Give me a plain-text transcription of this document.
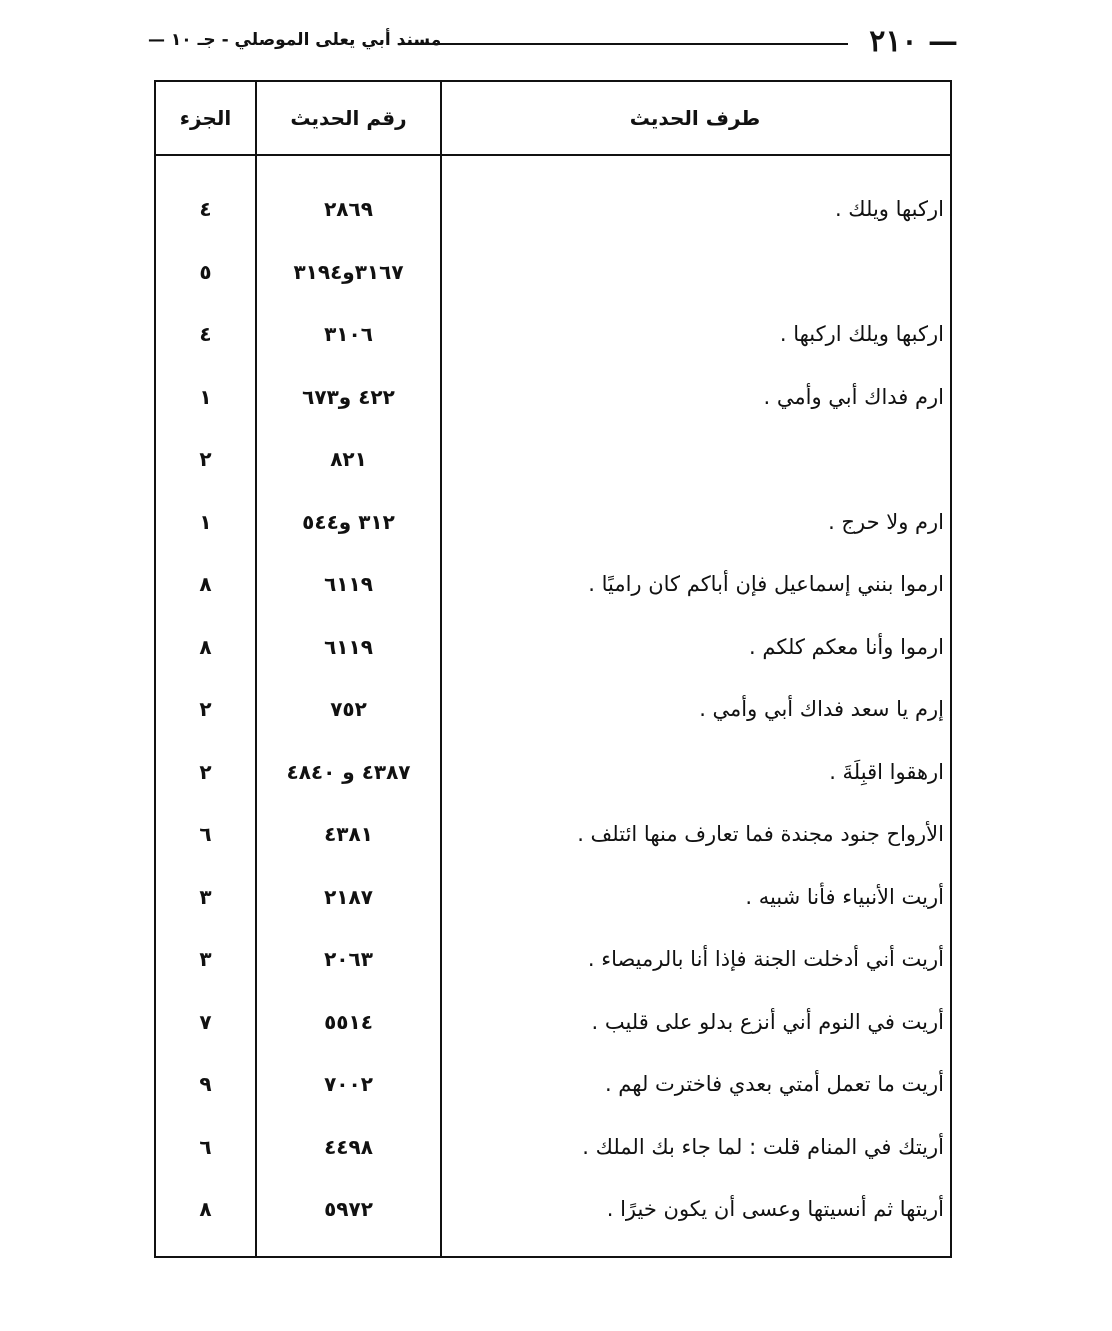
— ٢١٠
مسند أبي يعلى الموصلي - جـ ١٠ —
طرف الحديث
رقم الحديث
الجزء
اركبها ويلك .
٢٨٦٩
٤
٣١٦٧و٣١٩٤
٥
اركبها ويلك اركبها .
٣١٠٦
٤
ارم فداك أبي وأمي .
٤٢٢ و٦٧٣
١
٨٢١
٢
ارم ولا حرج .
٣١٢ و٥٤٤
١
ارموا بنني إسماعيل فإن أباكم كان راميًا .
٦١١٩
٨
ارموا وأنا معكم كلكم .
٦١١٩
٨
إرم يا سعد فداك أبي وأمي .
٧٥٢
٢
ارهقوا اقبِلَةَ .
٤٣٨٧ و ٤٨٤٠
٢
الأرواح جنود مجندة فما تعارف منها ائتلف .
٤٣٨١
٦
أريت الأنبياء فأنا شبيه .
٢١٨٧
٣
أريت أني أدخلت الجنة فإذا أنا بالرميصاء .
٢٠٦٣
٣
أريت في النوم أني أنزع بدلو على قليب .
٥٥١٤
٧
أريت ما تعمل أمتي بعدي فاخترت لهم .
٧٠٠٢
٩
أريتك في المنام قلت : لما جاء بك الملك .
٤٤٩٨
٦
أريتها ثم أنسيتها وعسى أن يكون خيرًا .
٥٩٧٢
٨
